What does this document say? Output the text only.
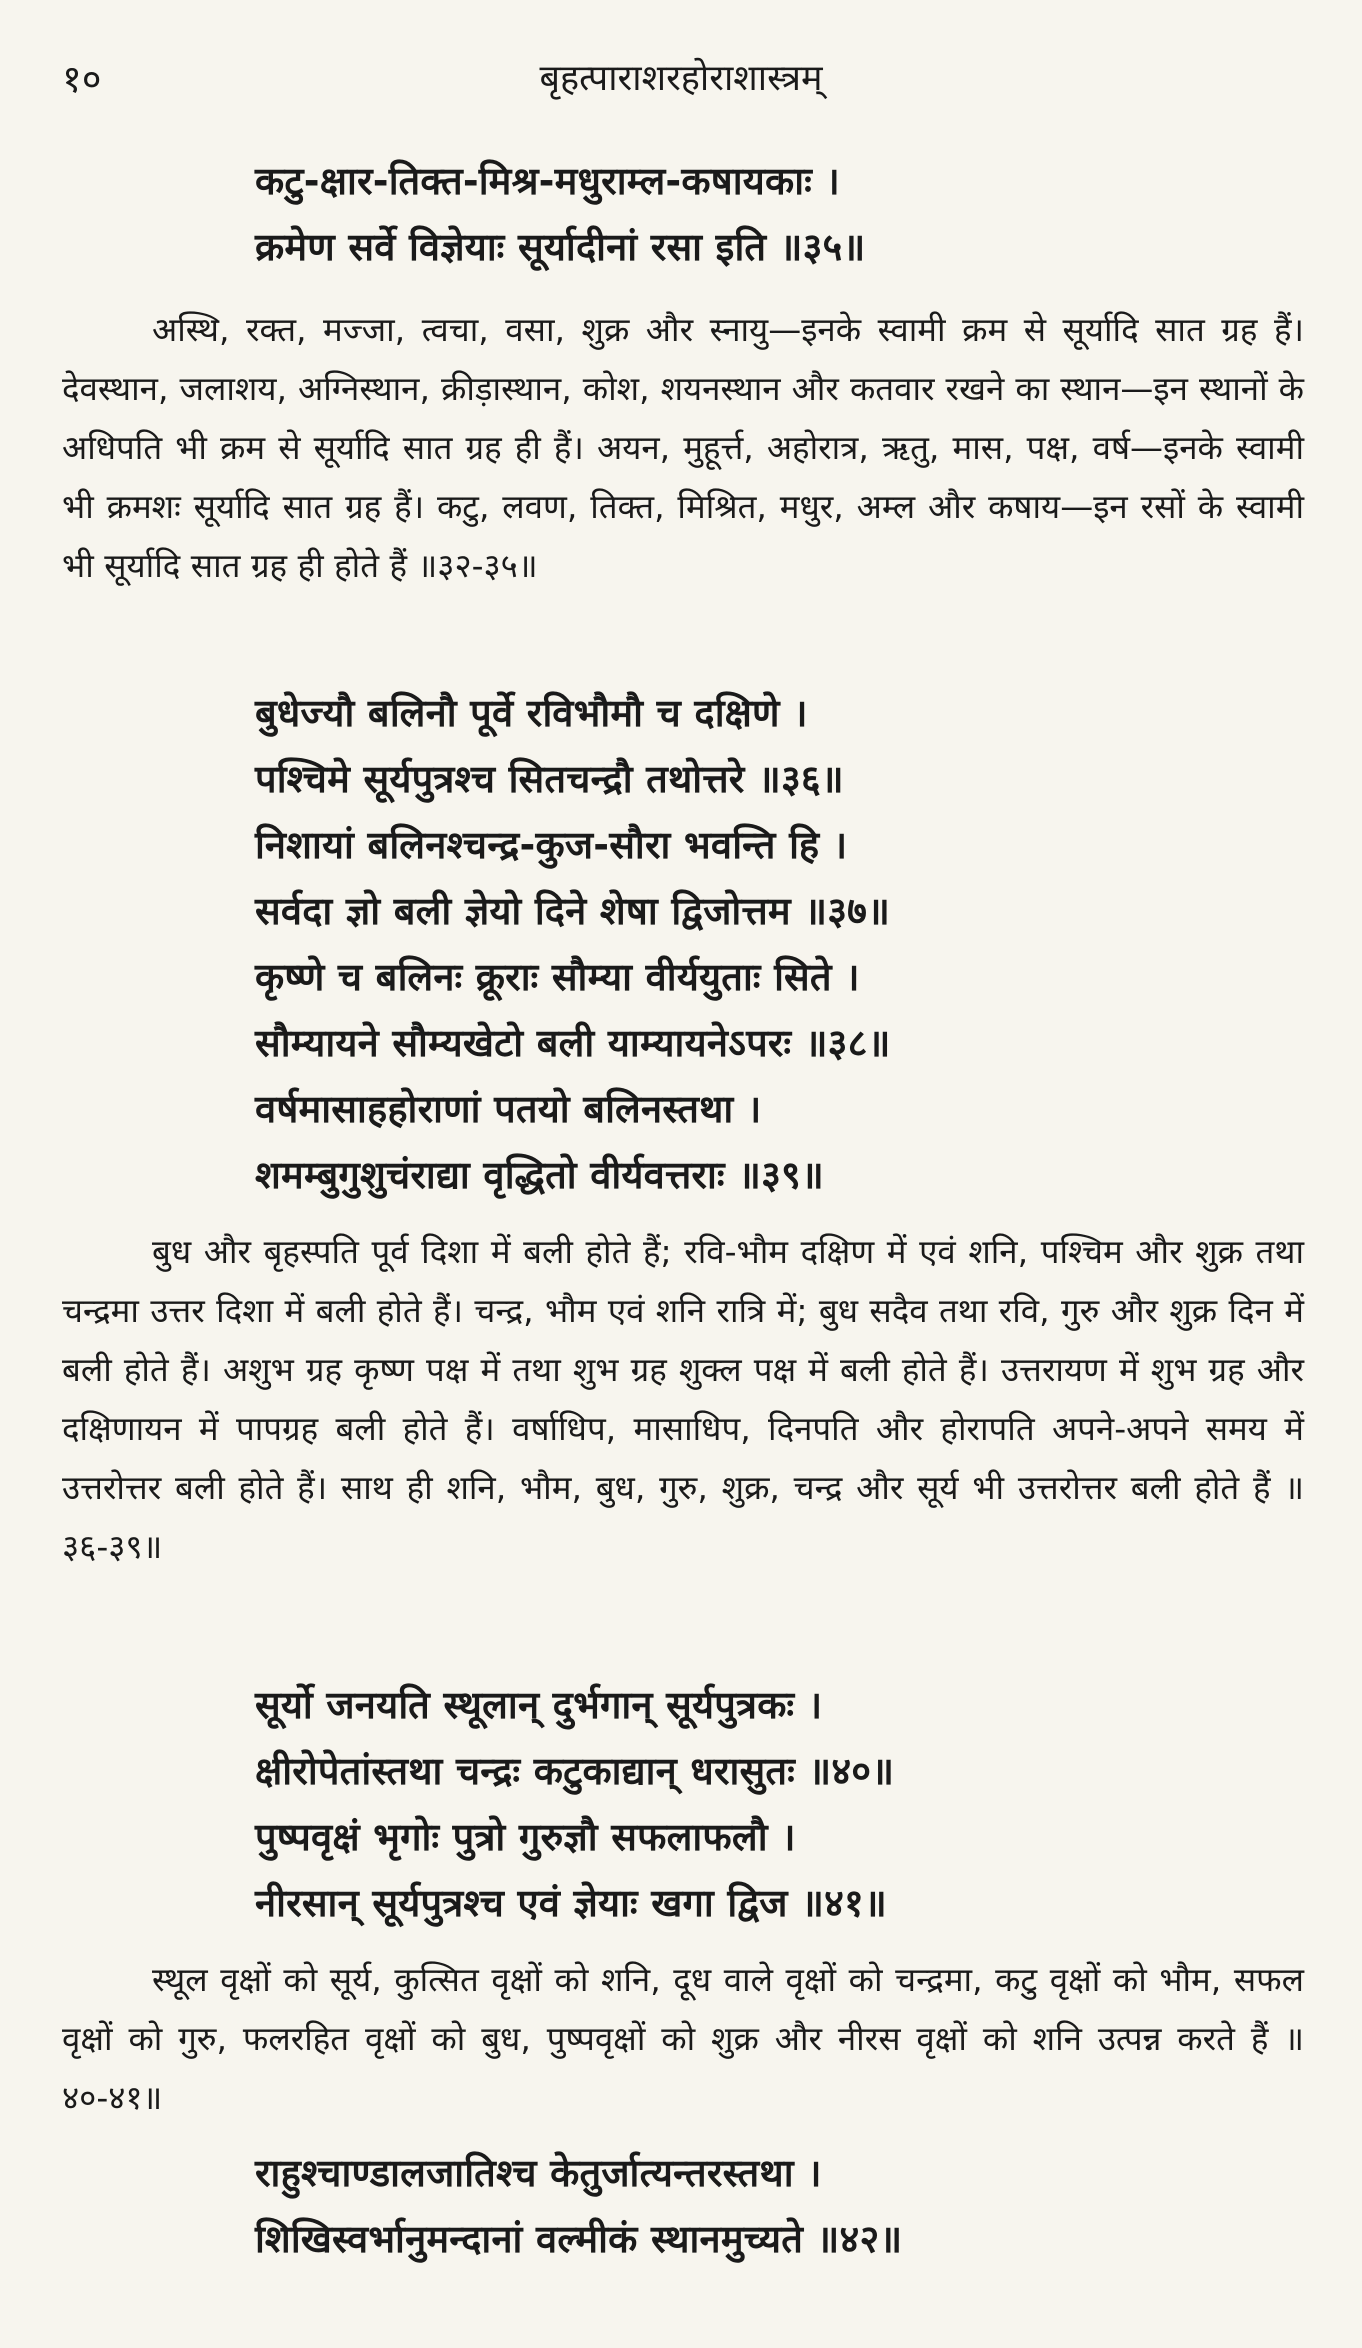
१०	बृहत्पाराशरहोराशास्त्रम्
कटु-क्षार-तिक्त-मिश्र-मधुराम्ल-कषायकाः ।
क्रमेण सर्वे विज्ञेयाः सूर्यादीनां रसा इति ॥३५॥

अस्थि, रक्त, मज्जा, त्वचा, वसा, शुक्र और स्नायु—इनके स्वामी क्रम से सूर्यादि सात ग्रह हैं। देवस्थान, जलाशय, अग्निस्थान, क्रीड़ास्थान, कोश, शयनस्थान और कतवार रखने का स्थान—इन स्थानों के अधिपति भी क्रम से सूर्यादि सात ग्रह ही हैं। अयन, मुहूर्त्त, अहोरात्र, ऋतु, मास, पक्ष, वर्ष—इनके स्वामी भी क्रमशः सूर्यादि सात ग्रह हैं। कटु, लवण, तिक्त, मिश्रित, मधुर, अम्ल और कषाय—इन रसों के स्वामी भी सूर्यादि सात ग्रह ही होते हैं ॥३२-३५॥

बुधेज्यौ बलिनौ पूर्वे रविभौमौ च दक्षिणे ।
पश्चिमे सूर्यपुत्रश्च सितचन्द्रौ तथोत्तरे ॥३६॥
निशायां बलिनश्चन्द्र-कुज-सौरा भवन्ति हि ।
सर्वदा ज्ञो बली ज्ञेयो दिने शेषा द्विजोत्तम ॥३७॥
कृष्णे च बलिनः क्रूराः सौम्या वीर्ययुताः सिते ।
सौम्यायने सौम्यखेटो बली याम्यायनेऽपरः ॥३८॥
वर्षमासाहहोराणां पतयो बलिनस्तथा ।
शमम्बुगुशुचंराद्या वृद्धितो वीर्यवत्तराः ॥३९॥

बुध और बृहस्पति पूर्व दिशा में बली होते हैं; रवि-भौम दक्षिण में एवं शनि, पश्चिम और शुक्र तथा चन्द्रमा उत्तर दिशा में बली होते हैं। चन्द्र, भौम एवं शनि रात्रि में; बुध सदैव तथा रवि, गुरु और शुक्र दिन में बली होते हैं। अशुभ ग्रह कृष्ण पक्ष में तथा शुभ ग्रह शुक्ल पक्ष में बली होते हैं। उत्तरायण में शुभ ग्रह और दक्षिणायन में पापग्रह बली होते हैं। वर्षाधिप, मासाधिप, दिनपति और होरापति अपने-अपने समय में उत्तरोत्तर बली होते हैं। साथ ही शनि, भौम, बुध, गुरु, शुक्र, चन्द्र और सूर्य भी उत्तरोत्तर बली होते हैं ॥३६-३९॥

सूर्यो जनयति स्थूलान् दुर्भगान् सूर्यपुत्रकः ।
क्षीरोपेतांस्तथा चन्द्रः कटुकाद्यान् धरासुतः ॥४०॥
पुष्पवृक्षं भृगोः पुत्रो गुरुज्ञौ सफलाफलौ ।
नीरसान् सूर्यपुत्रश्च एवं ज्ञेयाः खगा द्विज ॥४१॥

स्थूल वृक्षों को सूर्य, कुत्सित वृक्षों को शनि, दूध वाले वृक्षों को चन्द्रमा, कटु वृक्षों को भौम, सफल वृक्षों को गुरु, फलरहित वृक्षों को बुध, पुष्पवृक्षों को शुक्र और नीरस वृक्षों को शनि उत्पन्न करते हैं ॥४०-४१॥

राहुश्चाण्डालजातिश्च केतुर्जात्यन्तरस्तथा ।
शिखिस्वर्भानुमन्दानां वल्मीकं स्थानमुच्यते ॥४२॥
